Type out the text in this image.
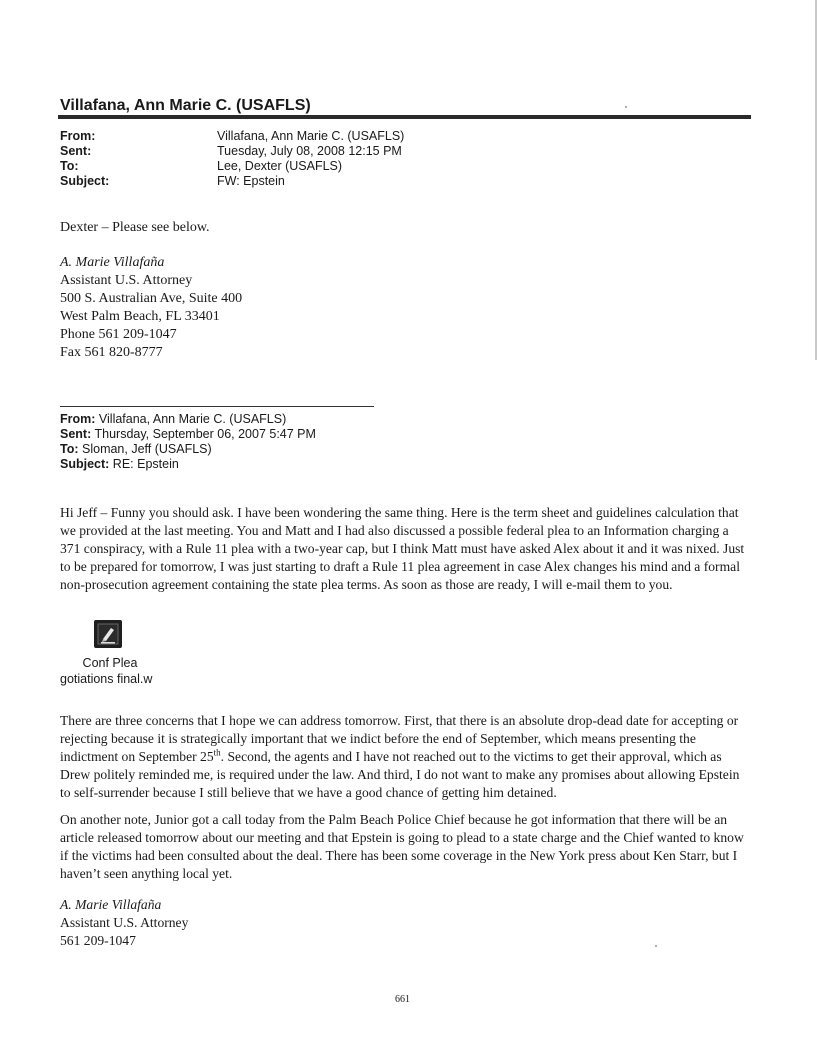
Villafana, Ann Marie C. (USAFLS)
From:	Villafana, Ann Marie C. (USAFLS)
Sent:	Tuesday, July 08, 2008 12:15 PM
To:	Lee, Dexter (USAFLS)
Subject:	FW: Epstein
Dexter – Please see below.
A. Marie Villafaña
Assistant U.S. Attorney
500 S. Australian Ave, Suite 400
West Palm Beach, FL 33401
Phone 561 209-1047
Fax 561 820-8777
From: Villafana, Ann Marie C. (USAFLS)
Sent: Thursday, September 06, 2007 5:47 PM
To: Sloman, Jeff (USAFLS)
Subject: RE: Epstein

Hi Jeff – Funny you should ask. I have been wondering the same thing. Here is the term sheet and guidelines calculation that we provided at the last meeting. You and Matt and I had also discussed a possible federal plea to an Information charging a 371 conspiracy, with a Rule 11 plea with a two-year cap, but I think Matt must have asked Alex about it and it was nixed. Just to be prepared for tomorrow, I was just starting to draft a Rule 11 plea agreement in case Alex changes his mind and a formal non-prosecution agreement containing the state plea terms. As soon as those are ready, I will e-mail them to you.

Conf Plea
gotiations final.w

There are three concerns that I hope we can address tomorrow. First, that there is an absolute drop-dead date for accepting or rejecting because it is strategically important that we indict before the end of September, which means presenting the indictment on September 25th. Second, the agents and I have not reached out to the victims to get their approval, which as Drew politely reminded me, is required under the law. And third, I do not want to make any promises about allowing Epstein to self-surrender because I still believe that we have a good chance of getting him detained.

On another note, Junior got a call today from the Palm Beach Police Chief because he got information that there will be an article released tomorrow about our meeting and that Epstein is going to plead to a state charge and the Chief wanted to know if the victims had been consulted about the deal. There has been some coverage in the New York press about Ken Starr, but I haven’t seen anything local yet.

A. Marie Villafaña
Assistant U.S. Attorney
561 209-1047
661
